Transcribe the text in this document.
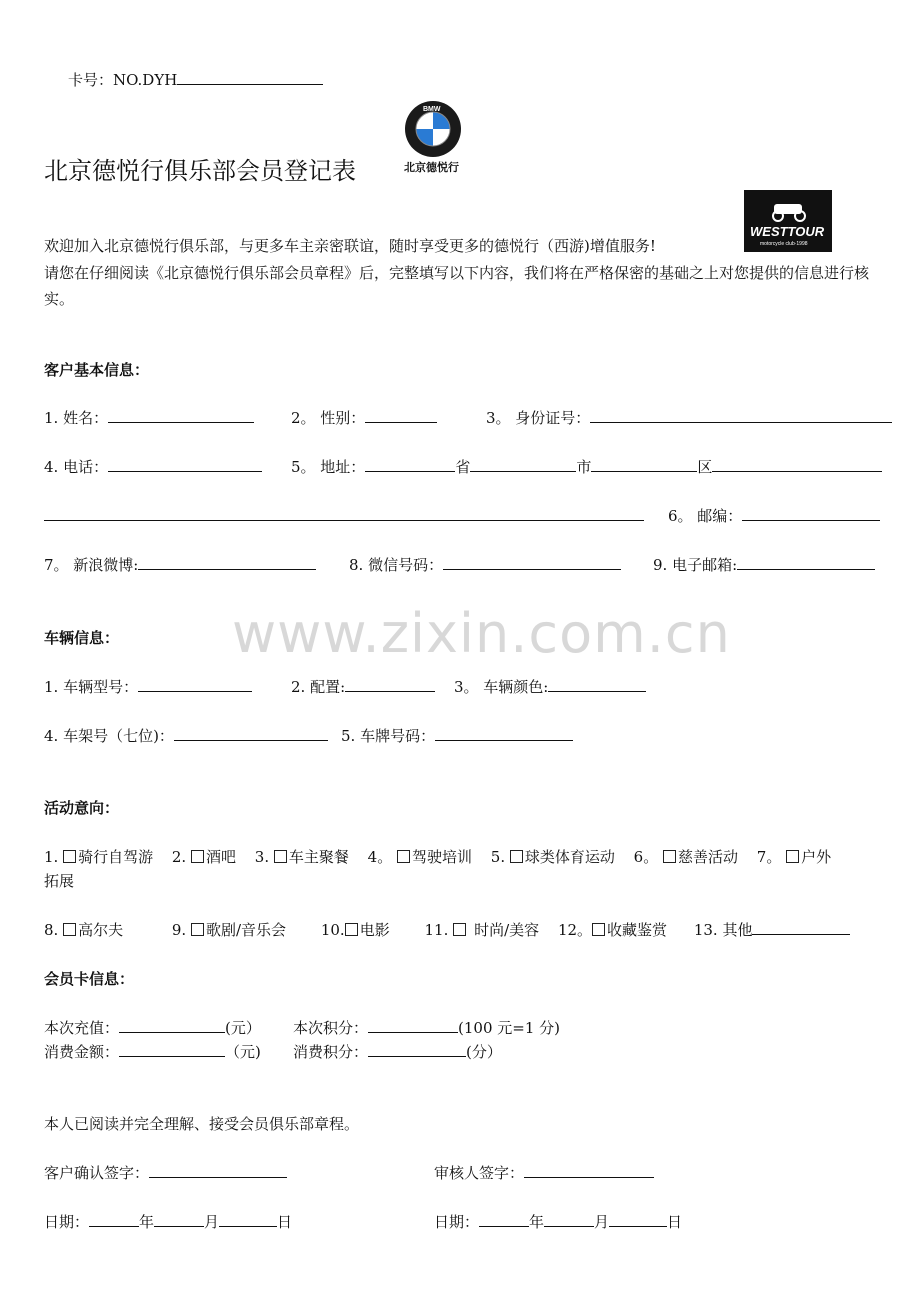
卡号：NO.DYH
BMW
北京德悦行
北京德悦行俱乐部会员登记表
WESTTOUR
motorcycle club·1998
欢迎加入北京德悦行俱乐部，与更多车主亲密联谊，随时享受更多的德悦行（西游)增值服务!
请您在仔细阅读《北京德悦行俱乐部会员章程》后，完整填写以下内容，我们将在严格保密的基础之上对您提供的信息进行核实。
www.zixin.com.cn
客户基本信息：
1. 姓名：	2。 性别：	3。 身份证号：
4. 电话：	5。 地址：	省	市	区
6。 邮编：
7。 新浪微博:	8. 微信号码：	9. 电子邮箱:
车辆信息：
1. 车辆型号：	2. 配置:	3。 车辆颜色:
4. 车架号（七位)：	5. 车牌号码：
活动意向：
1. 骑行自驾游 2. 酒吧 3. 车主聚餐 4。 驾驶培训 5. 球类体育运动 6。 慈善活动 7。 户外
拓展
8. 高尔夫	9. 歌剧/音乐会 10. 电影 11. 时尚/美容 12。 收藏鉴赏 13. 其他
会员卡信息：
本次充值：	(元） 本次积分：	(100 元=1 分)
消费金额：	（元) 消费积分：	(分）
本人已阅读并完全理解、接受会员俱乐部章程。
客户确认签字：	审核人签字：
日期：	年	月	日	日期：	年	月	日
